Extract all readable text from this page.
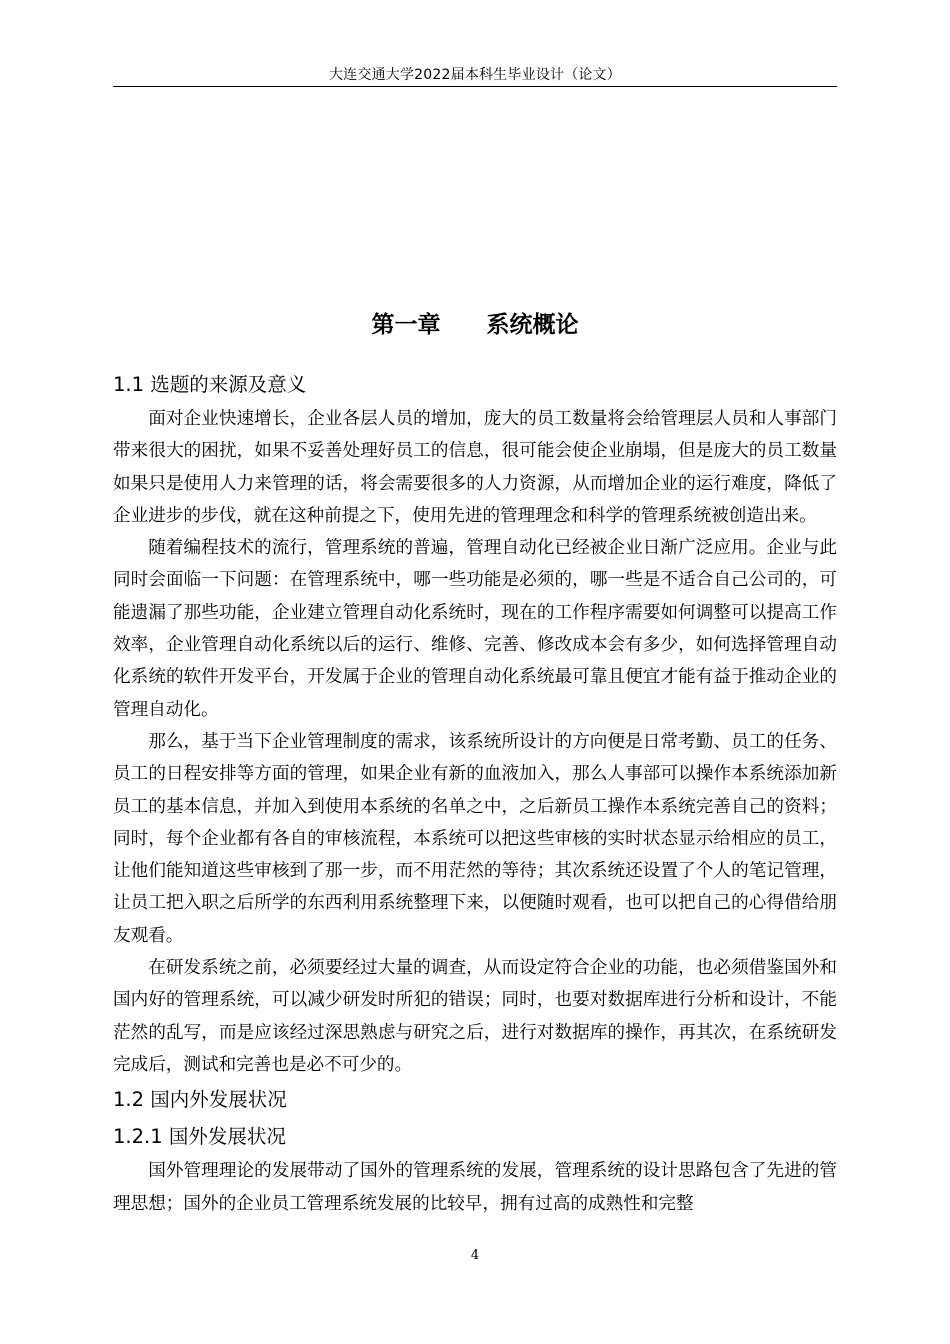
大连交通大学2022届本科生毕业设计（论文）
第一章　　系统概论
1.1 选题的来源及意义

面对企业快速增长，企业各层人员的增加，庞大的员工数量将会给管理层人员和人事部门带来很大的困扰，如果不妥善处理好员工的信息，很可能会使企业崩塌，但是庞大的员工数量如果只是使用人力来管理的话，将会需要很多的人力资源，从而增加企业的运行难度，降低了企业进步的步伐，就在这种前提之下，使用先进的管理理念和科学的管理系统被创造出来。

随着编程技术的流行，管理系统的普遍，管理自动化已经被企业日渐广泛应用。企业与此同时会面临一下问题：在管理系统中，哪一些功能是必须的，哪一些是不适合自己公司的，可能遗漏了那些功能，企业建立管理自动化系统时，现在的工作程序需要如何调整可以提高工作效率，企业管理自动化系统以后的运行、维修、完善、修改成本会有多少，如何选择管理自动化系统的软件开发平台，开发属于企业的管理自动化系统最可靠且便宜才能有益于推动企业的管理自动化。

那么，基于当下企业管理制度的需求，该系统所设计的方向便是日常考勤、员工的任务、员工的日程安排等方面的管理，如果企业有新的血液加入，那么人事部可以操作本系统添加新员工的基本信息，并加入到使用本系统的名单之中，之后新员工操作本系统完善自己的资料；同时，每个企业都有各自的审核流程，本系统可以把这些审核的实时状态显示给相应的员工，让他们能知道这些审核到了那一步，而不用茫然的等待；其次系统还设置了个人的笔记管理，让员工把入职之后所学的东西利用系统整理下来，以便随时观看，也可以把自己的心得借给朋友观看。

在研发系统之前，必须要经过大量的调查，从而设定符合企业的功能，也必须借鉴国外和国内好的管理系统，可以减少研发时所犯的错误；同时，也要对数据库进行分析和设计，不能茫然的乱写，而是应该经过深思熟虑与研究之后，进行对数据库的操作，再其次，在系统研发完成后，测试和完善也是必不可少的。

1.2 国内外发展状况
1.2.1 国外发展状况

国外管理理论的发展带动了国外的管理系统的发展，管理系统的设计思路包含了先进的管理思想；国外的企业员工管理系统发展的比较早，拥有过高的成熟性和完整

4
